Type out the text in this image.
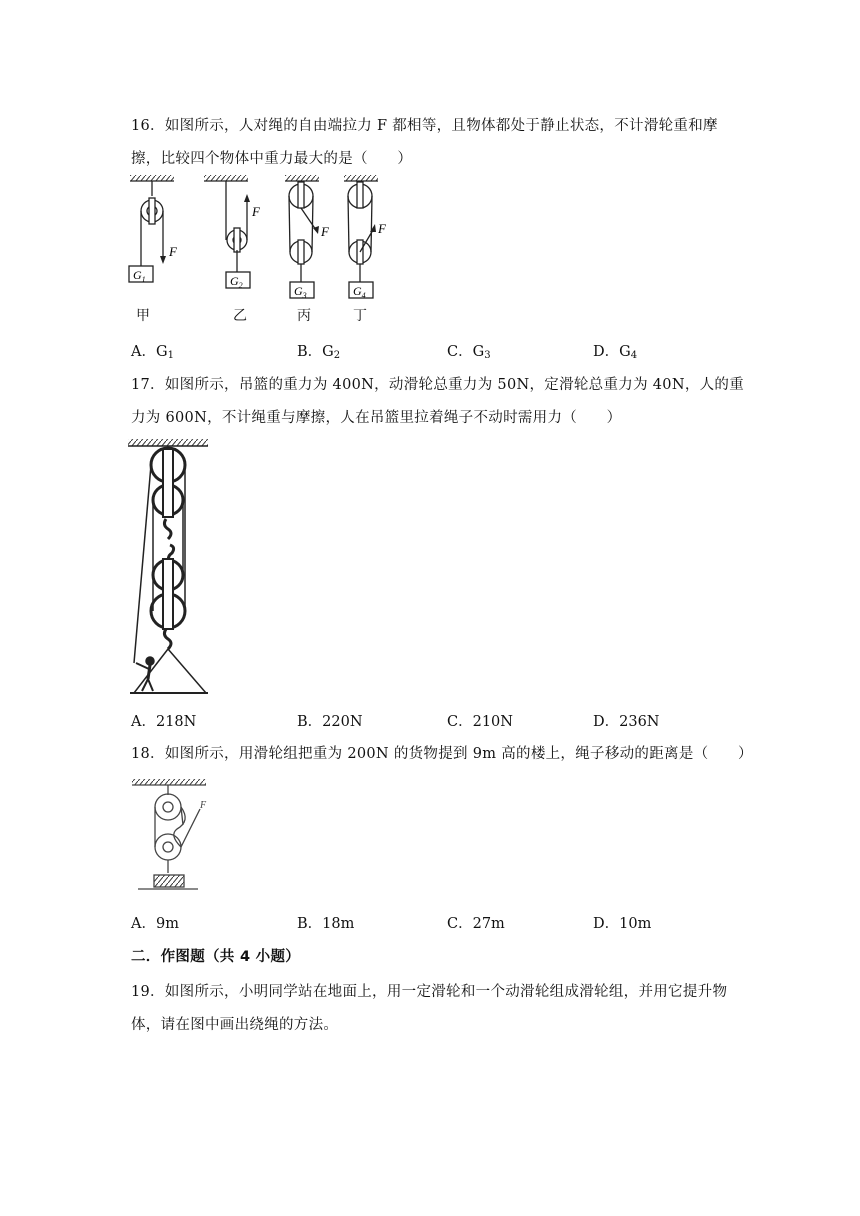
16．如图所示，人对绳的自由端拉力 F 都相等，且物体都处于静止状态，不计滑轮重和摩
擦，比较四个物体中重力最大的是（　　）
F
F
F	F
$G_1$	$G_2$	$G_3$	$G_4$
甲	乙	丙	丁
A．$G_1$	B．$G_2$	C．$G_3$	D．$G_4$
17．如图所示，吊篮的重力为 400N，动滑轮总重力为 50N，定滑轮总重力为 40N，人的重
力为 600N，不计绳重与摩擦，人在吊篮里拉着绳子不动时需用力（　　）
A．218N	B．220N	C．210N	D．236N
18．如图所示，用滑轮组把重为 200N 的货物提到 9m 高的楼上，绳子移动的距离是（　　）
F
A．9m	B．18m	C．27m	D．10m
二．作图题（共 4 小题）
19．如图所示，小明同学站在地面上，用一定滑轮和一个动滑轮组成滑轮组，并用它提升物
体，请在图中画出绕绳的方法。
